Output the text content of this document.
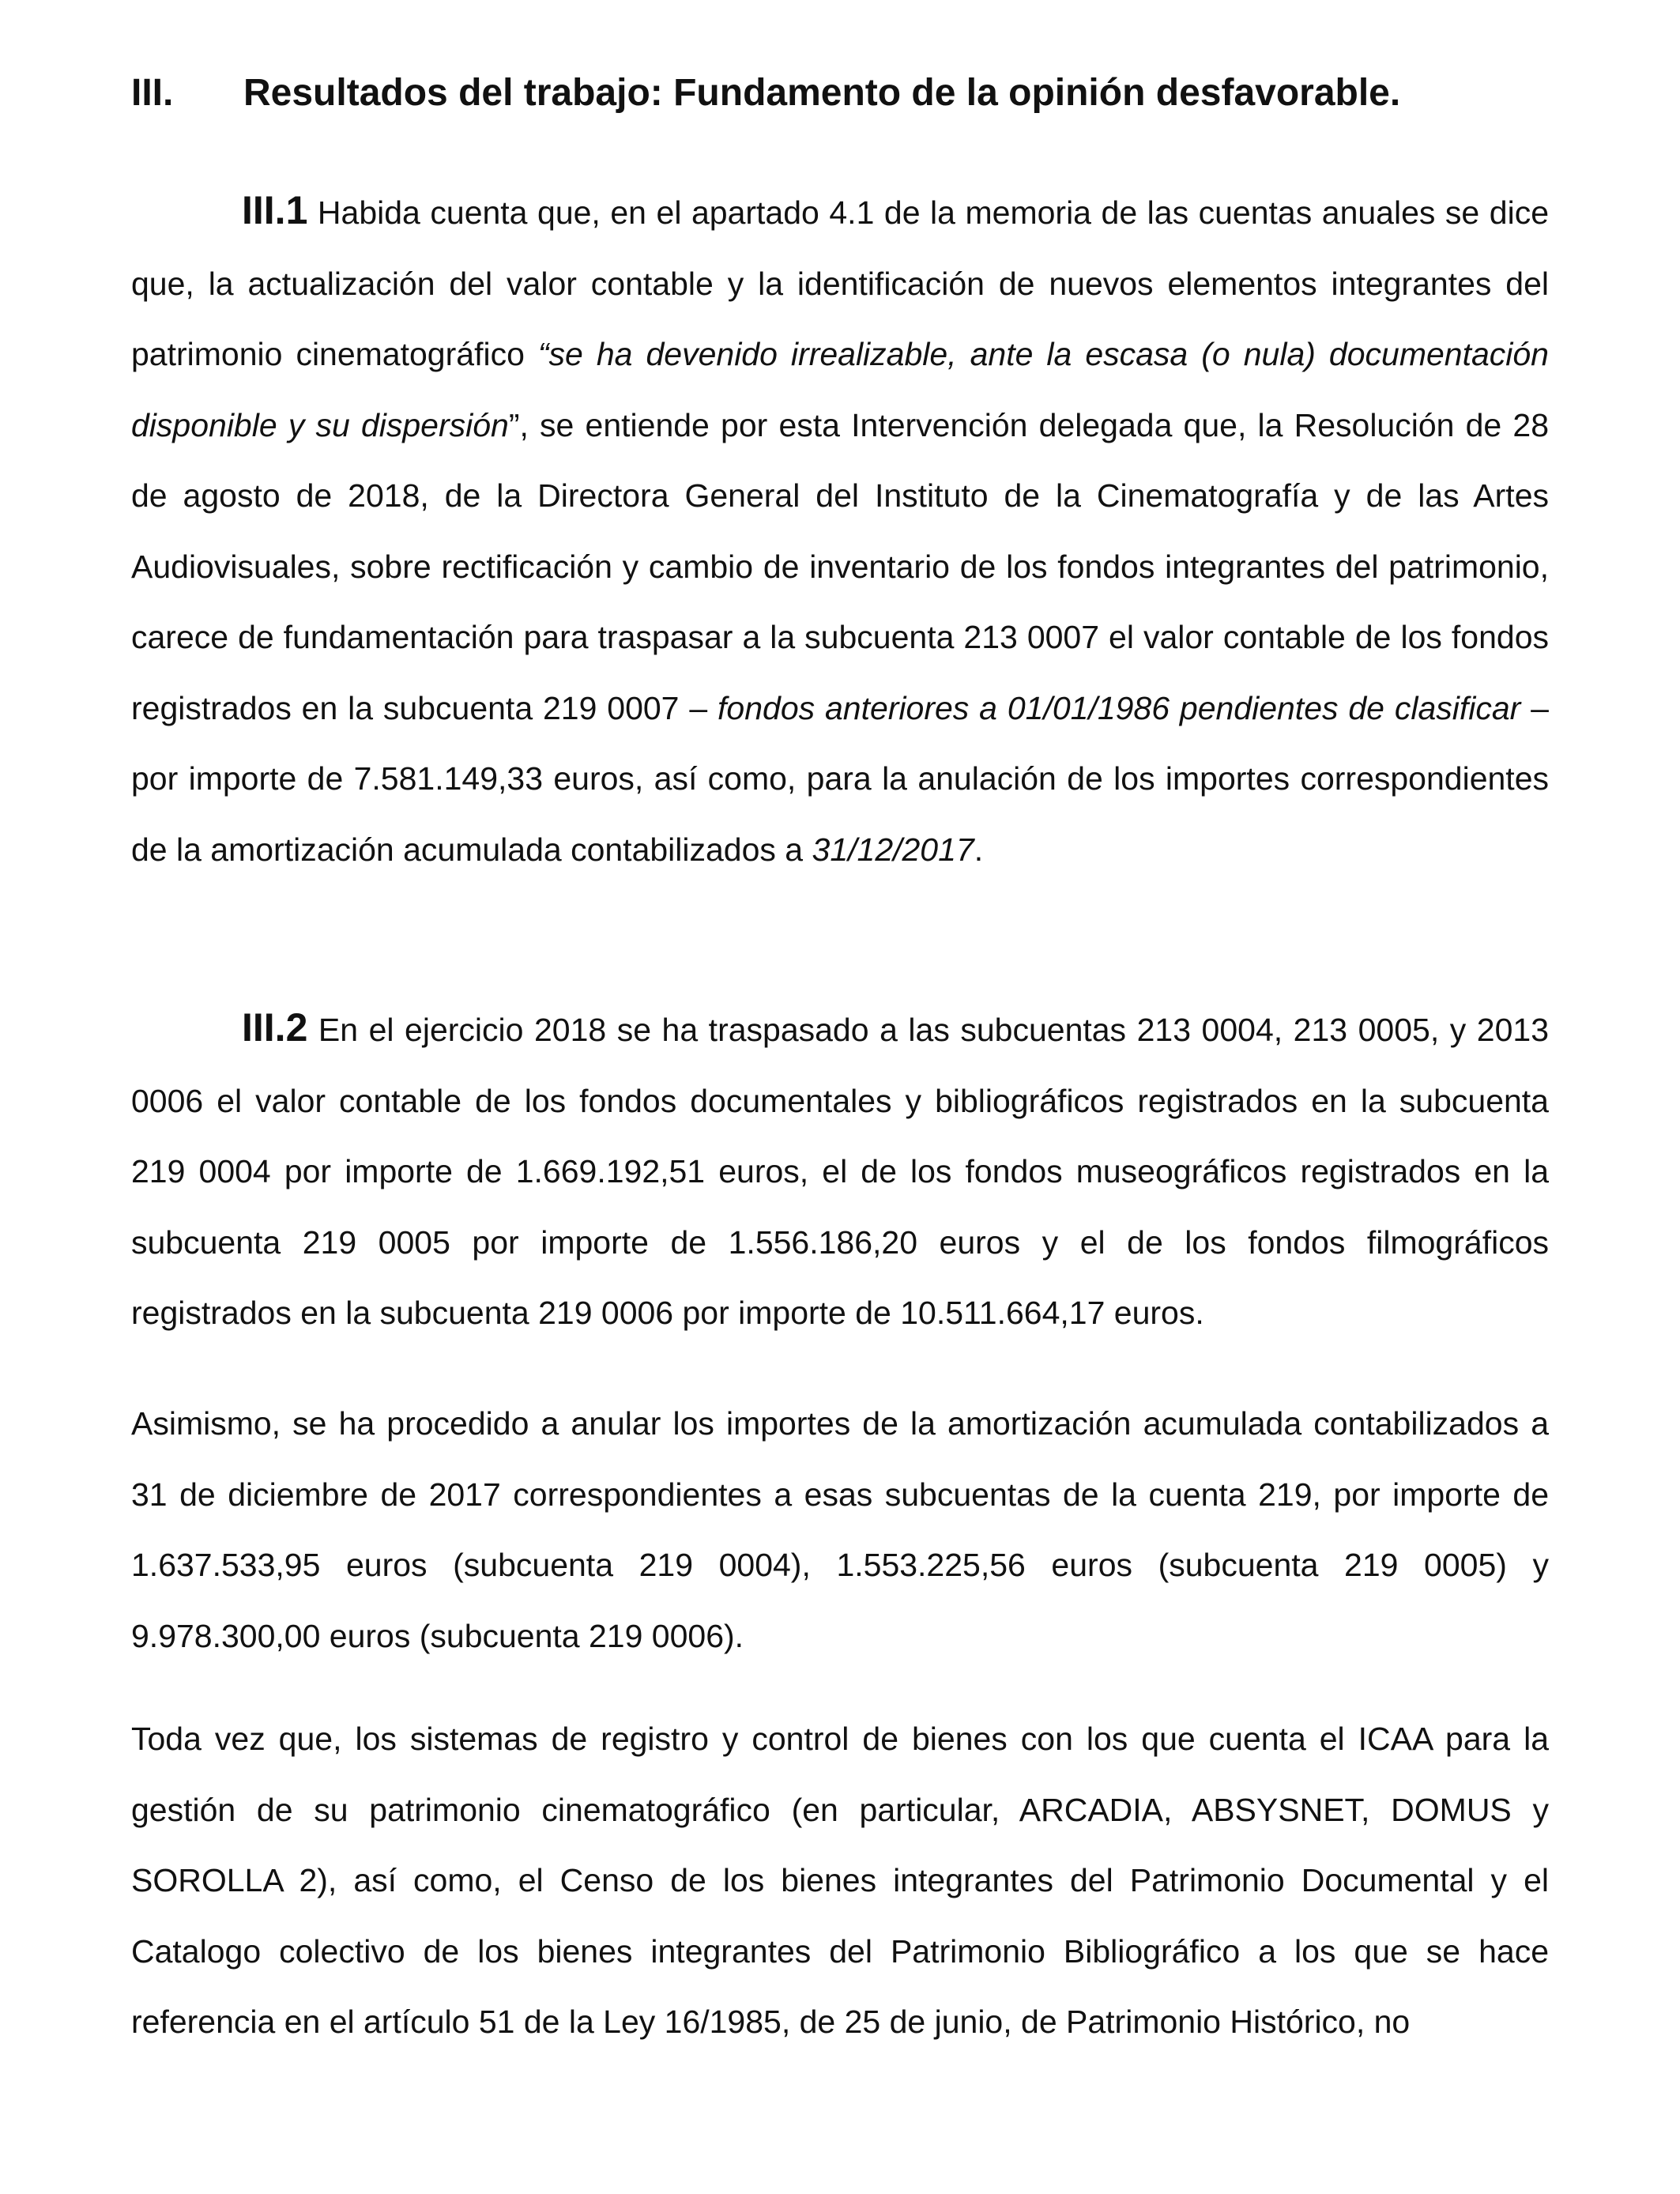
III. Resultados del trabajo: Fundamento de la opinión desfavorable.

III.1 Habida cuenta que, en el apartado 4.1 de la memoria de las cuentas anuales se dice que, la actualización del valor contable y la identificación de nuevos elementos integrantes del patrimonio cinematográfico “se ha devenido irrealizable, ante la escasa (o nula) documentación disponible y su dispersión”, se entiende por esta Intervención delegada que, la Resolución de 28 de agosto de 2018, de la Directora General del Instituto de la Cinematografía y de las Artes Audiovisuales, sobre rectificación y cambio de inventario de los fondos integrantes del patrimonio, carece de fundamentación para traspasar a la subcuenta 213 0007 el valor contable de los fondos registrados en la subcuenta 219 0007 – fondos anteriores a 01/01/1986 pendientes de clasificar – por importe de 7.581.149,33 euros, así como, para la anulación de los importes correspondientes de la amortización acumulada contabilizados a 31/12/2017.

III.2 En el ejercicio 2018 se ha traspasado a las subcuentas 213 0004, 213 0005, y 2013 0006 el valor contable de los fondos documentales y bibliográficos registrados en la subcuenta 219 0004 por importe de 1.669.192,51 euros, el de los fondos museográficos registrados en la subcuenta 219 0005 por importe de 1.556.186,20 euros y el de los fondos filmográficos registrados en la subcuenta 219 0006 por importe de 10.511.664,17 euros.

Asimismo, se ha procedido a anular los importes de la amortización acumulada contabilizados a 31 de diciembre de 2017 correspondientes a esas subcuentas de la cuenta 219, por importe de 1.637.533,95 euros (subcuenta 219 0004), 1.553.225,56 euros (subcuenta 219 0005) y 9.978.300,00 euros (subcuenta 219 0006).

Toda vez que, los sistemas de registro y control de bienes con los que cuenta el ICAA para la gestión de su patrimonio cinematográfico (en particular, ARCADIA, ABSYSNET, DOMUS y SOROLLA 2), así como, el Censo de los bienes integrantes del Patrimonio Documental y el Catalogo colectivo de los bienes integrantes del Patrimonio Bibliográfico a los que se hace referencia en el artículo 51 de la Ley 16/1985, de 25 de junio, de Patrimonio Histórico, no
